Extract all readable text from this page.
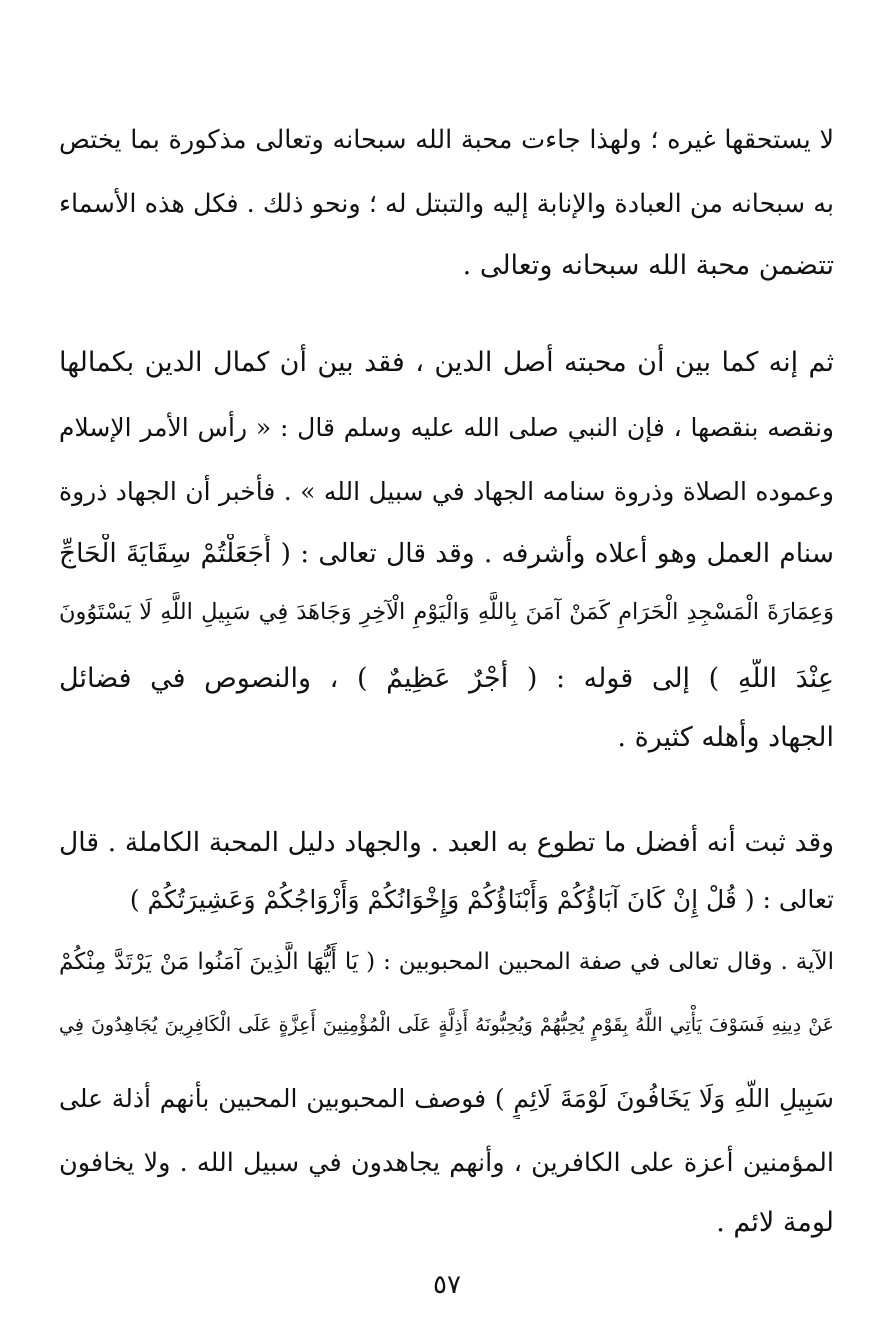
لا يستحقها غيره ؛ ولهذا جاءت محبة الله سبحانه وتعالى مذكورة بما يختص
به سبحانه من العبادة والإنابة إليه والتبتل له ؛ ونحو ذلك . فكل هذه الأسماء
تتضمن محبة الله سبحانه وتعالى .
ثم إنه كما بين أن محبته أصل الدين ، فقد بين أن كمال الدين بكمالها
ونقصه بنقصها ، فإن النبي صلى الله عليه وسلم قال : « رأس الأمر الإسلام
وعموده الصلاة وذروة سنامه الجهاد في سبيل الله » . فأخبر أن الجهاد ذروة
سنام العمل وهو أعلاه وأشرفه . وقد قال تعالى : ( أَجَعَلْتُمْ سِقَايَةَ الْحَاجِّ
وَعِمَارَةَ الْمَسْجِدِ الْحَرَامِ كَمَنْ آمَنَ بِاللَّهِ وَالْيَوْمِ الْآخِرِ وَجَاهَدَ فِي سَبِيلِ اللَّهِ لَا يَسْتَوُونَ
عِنْدَ اللَّهِ ) إلى قوله : ( أَجْرٌ عَظِيمٌ ) ، والنصوص في فضائل
الجهاد وأهله كثيرة .
وقد ثبت أنه أفضل ما تطوع به العبد . والجهاد دليل المحبة الكاملة . قال
تعالى : ( قُلْ إِنْ كَانَ آبَاؤُكُمْ وَأَبْنَاؤُكُمْ وَإِخْوَانُكُمْ وَأَزْوَاجُكُمْ وَعَشِيرَتُكُمْ )
الآية . وقال تعالى في صفة المحبين المحبوبين : ( يَا أَيُّهَا الَّذِينَ آمَنُوا مَنْ يَرْتَدَّ مِنْكُمْ
عَنْ دِينِهِ فَسَوْفَ يَأْتِي اللَّهُ بِقَوْمٍ يُحِبُّهُمْ وَيُحِبُّونَهُ أَذِلَّةٍ عَلَى الْمُؤْمِنِينَ أَعِزَّةٍ عَلَى الْكَافِرِينَ يُجَاهِدُونَ فِي
سَبِيلِ اللَّهِ وَلَا يَخَافُونَ لَوْمَةَ لَائِمٍ ) فوصف المحبوبين المحبين بأنهم أذلة على
المؤمنين أعزة على الكافرين ، وأنهم يجاهدون في سبيل الله . ولا يخافون
لومة لائم .
٥٧
